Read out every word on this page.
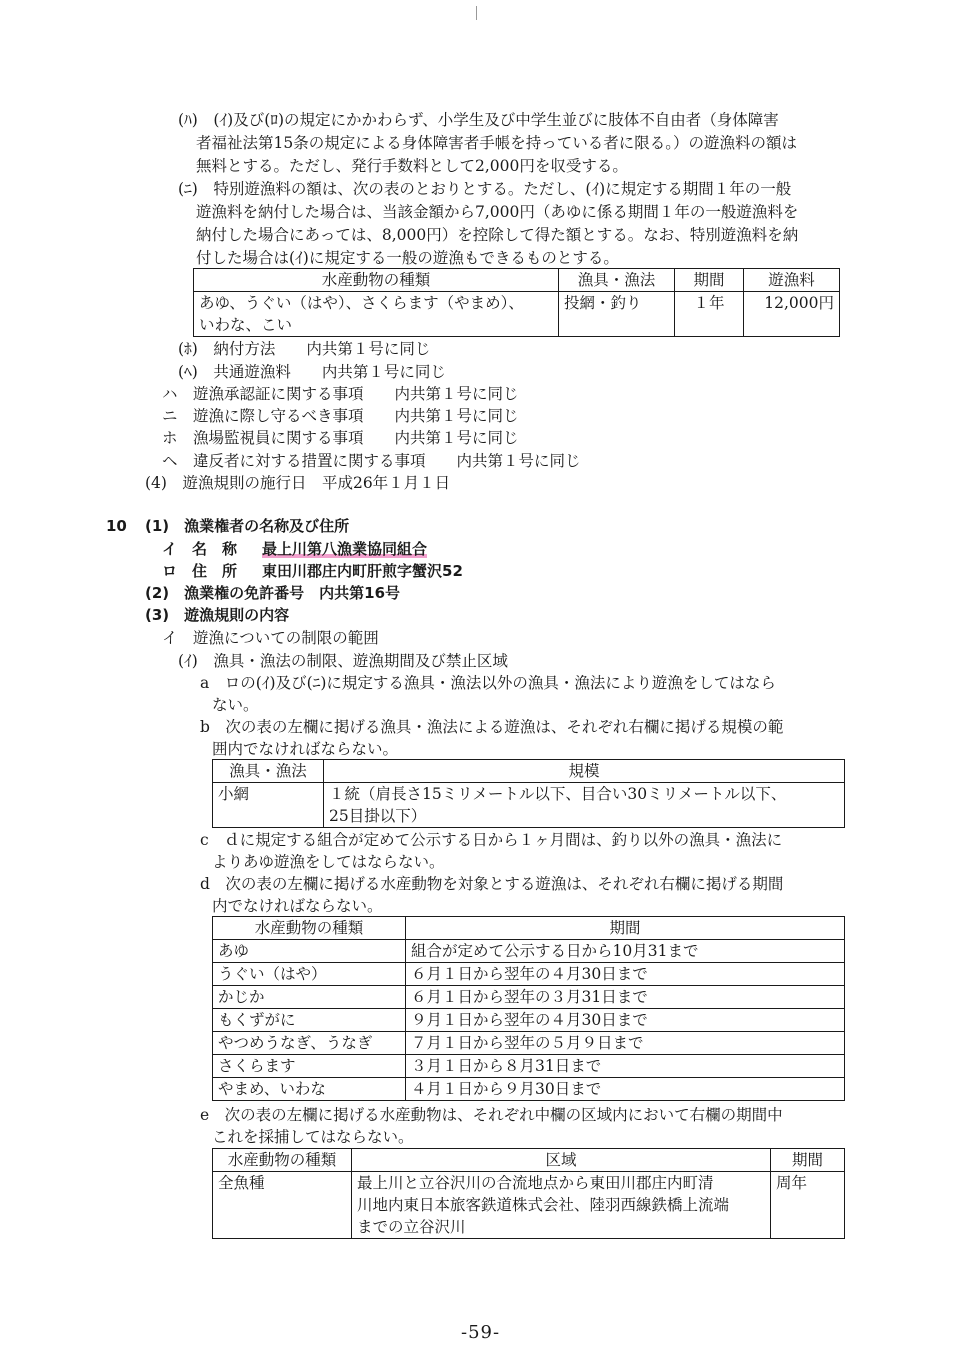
(ﾊ)　(ｲ)及び(ﾛ)の規定にかかわらず、小学生及び中学生並びに肢体不自由者（身体障害
者福祉法第15条の規定による身体障害者手帳を持っている者に限る。）の遊漁料の額は
無料とする。ただし、発行手数料として2,000円を収受する。
(ﾆ)　特別遊漁料の額は、次の表のとおりとする。ただし、(ｲ)に規定する期間１年の一般
遊漁料を納付した場合は、当該金額から7,000円（あゆに係る期間１年の一般遊漁料を
納付した場合にあっては、8,000円）を控除して得た額とする。なお、特別遊漁料を納
付した場合は(ｲ)に規定する一般の遊漁もできるものとする。
水産動物の種類	漁具・漁法	期間	遊漁料

あゆ、うぐい（はや）、さくらます（やまめ）、
いわな、こい	投網・釣り	１年	12,000円
(ﾎ)　納付方法　　内共第１号に同じ
(ﾍ)　共通遊漁料　　内共第１号に同じ
ハ　遊漁承認証に関する事項　　内共第１号に同じ
ニ　遊漁に際し守るべき事項　　内共第１号に同じ
ホ　漁場監視員に関する事項　　内共第１号に同じ
ヘ　違反者に対する措置に関する事項　　内共第１号に同じ
(4)　遊漁規則の施行日　平成26年１月１日
10 (1)　漁業権者の名称及び住所
イ　名　称 最上川第八漁業協同組合
ロ　住　所 東田川郡庄内町肝煎字蟹沢52
(2)　漁業権の免許番号　内共第16号
(3)　遊漁規則の内容
イ　遊漁についての制限の範囲
(ｲ)　漁具・漁法の制限、遊漁期間及び禁止区域
a　ロの(ｲ)及び(ﾆ)に規定する漁具・漁法以外の漁具・漁法により遊漁をしてはなら
ない。
b　次の表の左欄に掲げる漁具・漁法による遊漁は、それぞれ右欄に掲げる規模の範
囲内でなければならない。
漁具・漁法	規模
小網	１統（肩長さ15ミリメートル以下、目合い30ミリメートル以下、
25目掛以下）
c　ｄに規定する組合が定めて公示する日から１ヶ月間は、釣り以外の漁具・漁法に
よりあゆ遊漁をしてはならない。
d　次の表の左欄に掲げる水産動物を対象とする遊漁は、それぞれ右欄に掲げる期間
内でなければならない。
水産動物の種類	期間
あゆ	組合が定めて公示する日から10月31まで
うぐい（はや）	６月１日から翌年の４月30日まで
かじか	６月１日から翌年の３月31日まで
もくずがに	９月１日から翌年の４月30日まで
やつめうなぎ、うなぎ	７月１日から翌年の５月９日まで
さくらます	３月１日から８月31日まで
やまめ、いわな	４月１日から９月30日まで
e　次の表の左欄に掲げる水産動物は、それぞれ中欄の区域内において右欄の期間中
これを採捕してはならない。
水産動物の種類	区域	期間
全魚種	最上川と立谷沢川の合流地点から東田川郡庄内町清
川地内東日本旅客鉄道株式会社、陸羽西線鉄橋上流端
までの立谷沢川	周年
-59-
